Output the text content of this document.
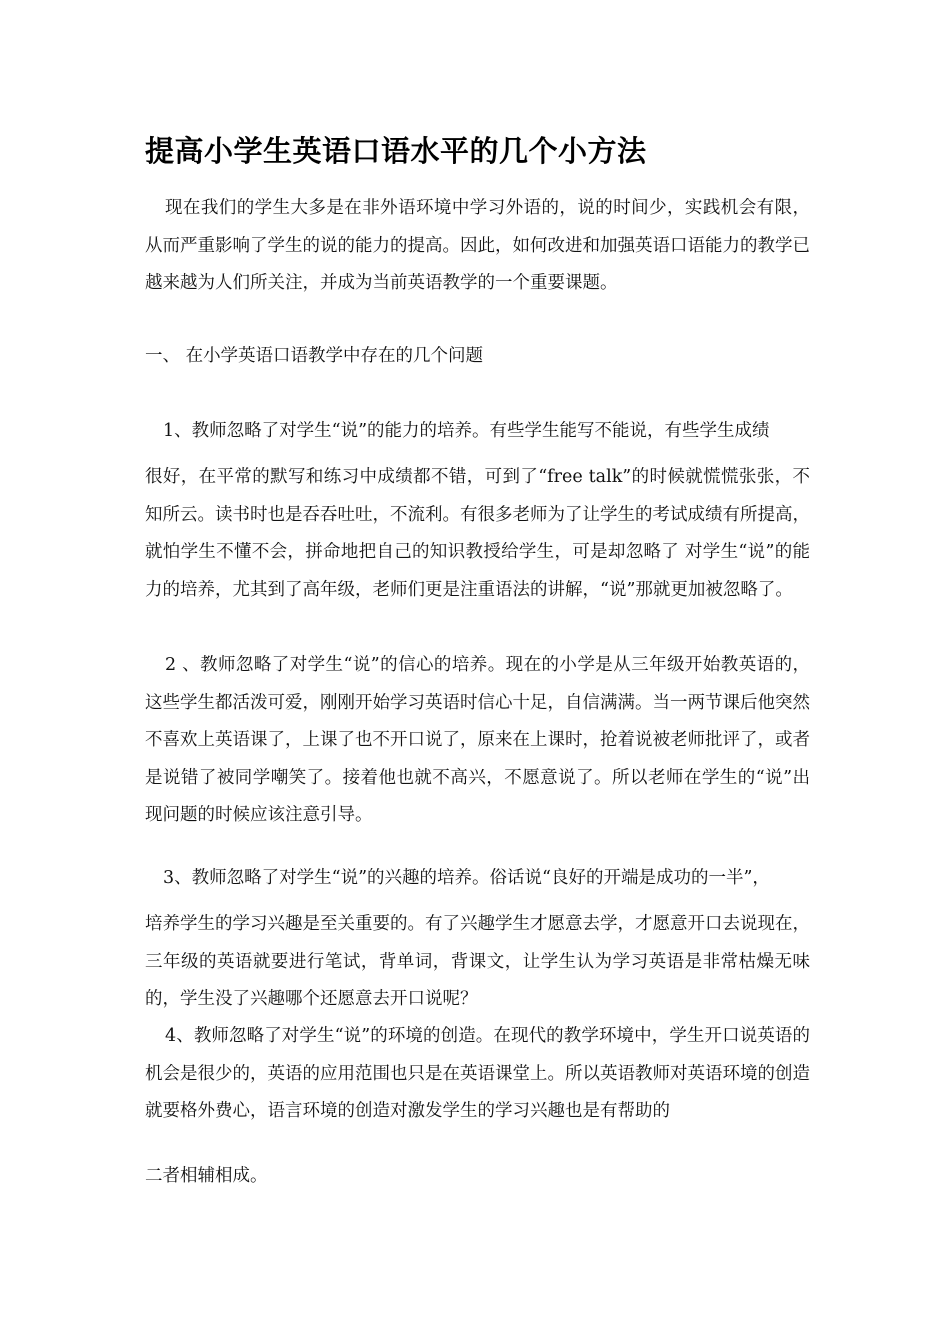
提高小学生英语口语水平的几个小方法

现在我们的学生大多是在非外语环境中学习外语的，说的时间少，实践机会有限，从而严重影响了学生的说的能力的提高。因此，如何改进和加强英语口语能力的教学已越来越为人们所关注，并成为当前英语教学的一个重要课题。

一、 在小学英语口语教学中存在的几个问题
1、教师忽略了对学生“说”的能力的培养。有些学生能写不能说，有些学生成绩

很好，在平常的默写和练习中成绩都不错，可到了“free talk”的时候就慌慌张张，不知所云。读书时也是吞吞吐吐，不流利。有很多老师为了让学生的考试成绩有所提高，就怕学生不懂不会，拼命地把自己的知识教授给学生，可是却忽略了 对学生“说”的能力的培养，尤其到了高年级，老师们更是注重语法的讲解，“说”那就更加被忽略了。

2 、教师忽略了对学生“说”的信心的培养。现在的小学是从三年级开始教英语的，这些学生都活泼可爱，刚刚开始学习英语时信心十足，自信满满。当一两节课后他突然不喜欢上英语课了，上课了也不开口说了，原来在上课时，抢着说被老师批评了，或者是说错了被同学嘲笑了。接着他也就不高兴，不愿意说了。所以老师在学生的“说”出现问题的时候应该注意引导。

3、教师忽略了对学生“说”的兴趣的培养。俗话说“良好的开端是成功的一半”，

培养学生的学习兴趣是至关重要的。有了兴趣学生才愿意去学，才愿意开口去说现在，三年级的英语就要进行笔试，背单词，背课文，让学生认为学习英语是非常枯燥无味的，学生没了兴趣哪个还愿意去开口说呢？

4、教师忽略了对学生“说”的环境的创造。在现代的教学环境中，学生开口说英语的机会是很少的，英语的应用范围也只是在英语课堂上。所以英语教师对英语环境的创造就要格外费心，语言环境的创造对激发学生的学习兴趣也是有帮助的

二者相辅相成。
